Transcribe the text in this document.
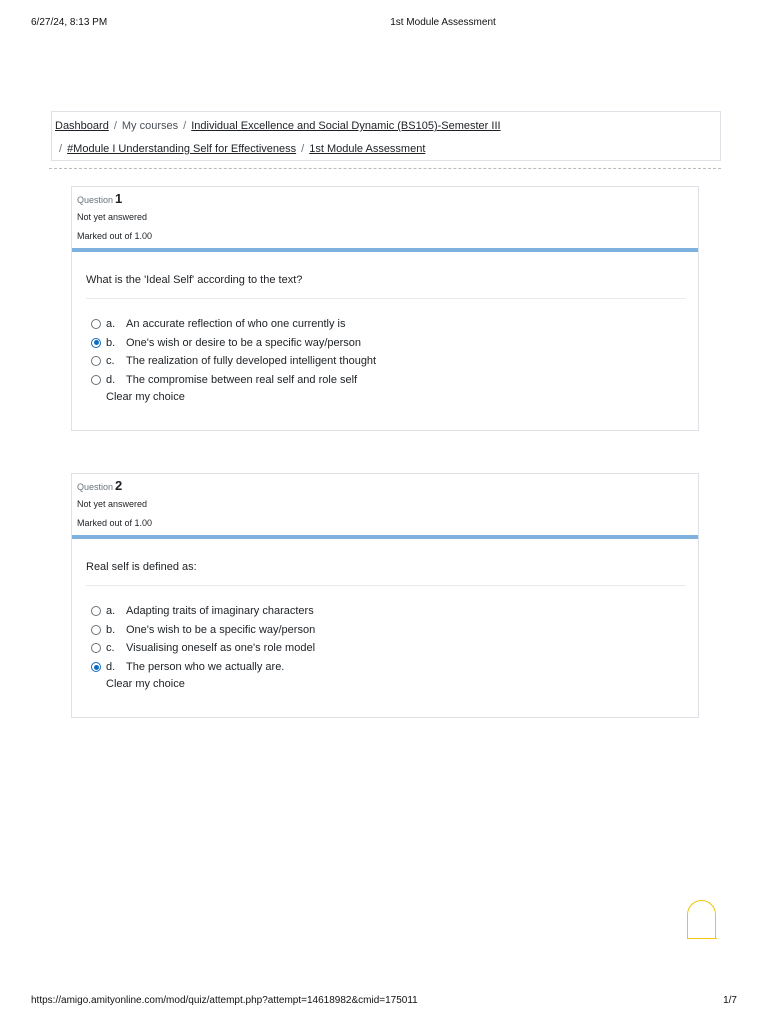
6/27/24, 8:13 PM	1st Module Assessment
Dashboard / My courses / Individual Excellence and Social Dynamic (BS105)-Semester III
/ #Module I Understanding Self for Effectiveness / 1st Module Assessment
Question 1
Not yet answered
Marked out of 1.00
What is the 'Ideal Self' according to the text?
a. An accurate reflection of who one currently is
b. One's wish or desire to be a specific way/person
c. The realization of fully developed intelligent thought
d. The compromise between real self and role self
Clear my choice
Question 2
Not yet answered
Marked out of 1.00
Real self is defined as:
a. Adapting traits of imaginary characters
b. One's wish to be a specific way/person
c. Visualising oneself as one's role model
d. The person who we actually are.
Clear my choice
https://amigo.amityonline.com/mod/quiz/attempt.php?attempt=14618982&cmid=175011	1/7
